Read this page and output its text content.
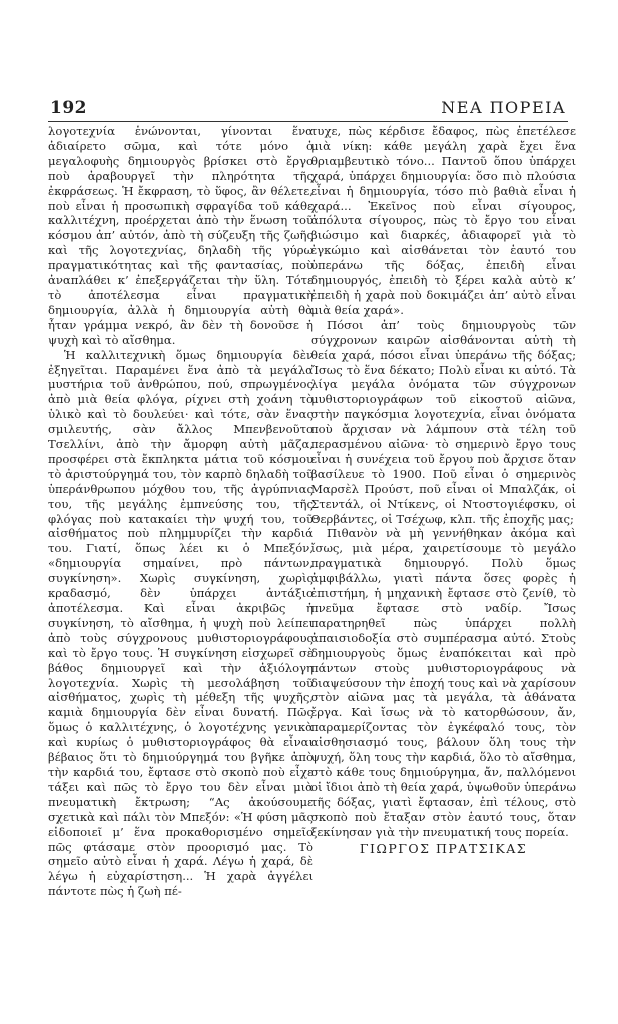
192	ΝΕΑ ΠΟΡΕΙΑ

λογοτεχνία ἑνώνονται, γίνονται ἕνα ἀδιαίρετο σῶμα, καὶ τότε μόνο ὁ μεγαλοφυὴς δημιουργὸς βρίσκει στὸ ἔργο ποὺ ἀραβουργεῖ τὴν πληρότητα τῆς ἐκφράσεως. Ἡ ἔκφραση, τὸ ὕφος, ἂν θέλετε, ποὺ εἶναι ἡ προσωπικὴ σφραγίδα τοῦ κάθε καλλιτέχνη, προέρχεται ἀπὸ τὴν ἕνωση τοῦ κόσμου ἀπ’ αὐτόν, ἀπὸ τὴ σύζευξη τῆς ζωῆς καὶ τῆς λογοτεχνίας, δηλαδὴ τῆς γύρω πραγματικότητας καὶ τῆς φαντασίας, ποὺ ἀναπλάθει κ’ ἐπεξεργάζεται τὴν ὕλη. Τότε τὸ ἀποτέλεσμα εἶναι πραγματικὴ δημιουργία, ἀλλὰ ἡ δημιουργία αὐτὴ θὰ ἦταν γράμμα νεκρό, ἂν δὲν τὴ δονοῦσε ἡ ψυχὴ καὶ τὸ αἴσθημα.

Ἡ καλλιτεχνικὴ ὅμως δημιουργία δὲν ἐξηγεῖται. Παραμένει ἕνα ἀπὸ τὰ μεγάλα μυστήρια τοῦ ἀνθρώπου, πού, σπρωγμένος ἀπὸ μιὰ θεία φλόγα, ρίχνει στὴ χοάνη τὸ ὑλικὸ καὶ τὸ δουλεύει· καὶ τότε, σὰν ἕνας σμιλευτής, σὰν ἄλλος Μπενβενοῦτο Τσελλίνι, ἀπὸ τὴν ἄμορφη αὐτὴ μᾶζα, προσφέρει στὰ ἔκπληκτα μάτια τοῦ κόσμου τὸ ἀριστούργημά του, τὸν καρπὸ δηλαδὴ τοῦ ὑπεράνθρωπου μόχθου του, τῆς ἀγρύπνιας του, τῆς μεγάλης ἐμπνεύσης του, τῆς φλόγας ποὺ κατακαίει τὴν ψυχή του, τοῦ αἰσθήματος ποὺ πλημμυρίζει τὴν καρδιά του. Γιατί, ὅπως λέει κι ὁ Μπεξόν, «δημιουργία σημαίνει, πρὸ πάντων, συγκίνηση». Χωρὶς συγκίνηση, χωρὶς κραδασμό, δὲν ὑπάρχει ἀντάξιο ἀποτέλεσμα. Καὶ εἶναι ἀκριβῶς ἡ συγκίνηση, τὸ αἴσθημα, ἡ ψυχὴ ποὺ λείπει ἀπὸ τοὺς σύγχρονους μυθιστοριογράφους καὶ τὸ ἔργο τους. Ἡ συγκίνηση εἰσχωρεῖ σὲ βάθος δημιουργεῖ καὶ τὴν ἀξιόλογη λογοτεχνία. Χωρὶς τὴ μεσολάβηση τοῦ αἰσθήματος, χωρὶς τὴ μέθεξη τῆς ψυχῆς, καμιὰ δημιουργία δὲν εἶναι δυνατή. Πῶς ὅμως ὁ καλλιτέχνης, ὁ λογοτέχνης γενικὰ καὶ κυρίως ὁ μυθιστοριογράφος θὰ εἶναι βέβαιος ὅτι τὸ δημιούργημά του βγῆκε ἀπὸ τὴν καρδιά του, ἔφτασε στὸ σκοπὸ ποὺ εἶχε τάξει καὶ πῶς τὸ ἔργο του δὲν εἶναι μιὰ πνευματικὴ ἔκτρωση; “Ας ἀκούσουμε σχετικὰ καὶ πάλι τὸν Μπεξόν: «Ἡ φύση μᾶς εἰδοποιεῖ μ’ ἕνα προκαθορισμένο σημεῖο πῶς φτάσαμε στὸν προορισμό μας. Τὸ σημεῖο αὐτὸ εἶναι ἡ χαρά. Λέγω ἡ χαρά, δὲ λέγω ἡ εὐχαρίστηση... Ἡ χαρὰ ἀγγέλει πάντοτε πὼς ἡ ζωὴ πέ-

τυχε, πὼς κέρδισε ἔδαφος, πὼς ἐπετέλεσε μιὰ νίκη: κάθε μεγάλη χαρὰ ἔχει ἕνα θριαμβευτικὸ τόνο... Παντοῦ ὅπου ὑπάρχει χαρά, ὑπάρχει δημιουργία: ὅσο πιὸ πλούσια εἶναι ἡ δημιουργία, τόσο πιὸ βαθιὰ εἶναι ἡ χαρά... Ἐκεῖνος ποὺ εἶναι σίγουρος, ἀπόλυτα σίγουρος, πὼς τὸ ἔργο του εἶναι βιώσιμο καὶ διαρκές, ἀδιαφορεῖ γιὰ τὸ ἐγκώμιο καὶ αἰσθάνεται τὸν ἑαυτό του ὑπεράνω τῆς δόξας, ἐπειδὴ εἶναι δημιουργός, ἐπειδὴ τὸ ξέρει καλὰ αὐτὸ κ’ ἐπειδὴ ἡ χαρὰ ποὺ δοκιμάζει ἀπ’ αὐτὸ εἶναι μιὰ θεία χαρά».

Πόσοι ἀπ’ τοὺς δημιουργοὺς τῶν σύγχρονων καιρῶν αἰσθάνονται αὐτὴ τὴ θεία χαρά, πόσοι εἶναι ὑπεράνω τῆς δόξας; Ἴσως τὸ ἕνα δέκατο; Πολὺ εἶναι κι αὐτό. Τὰ λίγα μεγάλα ὀνόματα τῶν σύγχρονων μυθιστοριογράφων τοῦ εἰκοστοῦ αἰῶνα, στὴν παγκόσμια λογοτεχνία, εἶναι ὀνόματα ποὺ ἄρχισαν νὰ λάμπουν στὰ τέλη τοῦ περασμένου αἰῶνα· τὸ σημερινὸ ἔργο τους εἶναι ἡ συνέχεια τοῦ ἔργου ποὺ ἄρχισε ὅταν βασίλευε τὸ 1900. Ποῦ εἶναι ὁ σημερινὸς Μαρσὲλ Προύστ, ποῦ εἶναι οἱ Μπαλζάκ, οἱ Στεντάλ, οἱ Ντίκενς, οἱ Ντοστογιέφσκυ, οἱ Θερβάντες, οἱ Τσέχωφ, κλπ. τῆς ἐποχῆς μας;

Πιθανὸν νὰ μὴ γεννήθηκαν ἀκόμα καὶ ἴσως, μιὰ μέρα, χαιρετίσουμε τὸ μεγάλο πραγματικὰ δημιουργό. Πολὺ ὅμως ἀμφιβάλλω, γιατὶ πάντα ὅσες φορὲς ἡ ἐπιστήμη, ἡ μηχανικὴ ἔφτασε στὸ ζενίθ, τὸ πνεῦμα ἔφτασε στὸ ναδίρ. Ἴσως παρατηρηθεῖ πὼς ὑπάρχει πολλὴ ἀπαισιοδοξία στὸ συμπέρασμα αὐτό. Στοὺς δημιουργοὺς ὅμως ἐναπόκειται καὶ πρὸ πάντων στοὺς μυθιστοριογράφους νὰ διαψεύσουν τὴν ἐποχή τους καὶ νὰ χαρίσουν στὸν αἰῶνα μας τὰ μεγάλα, τὰ ἀθάνατα ἔργα. Καὶ ἴσως νὰ τὸ κατορθώσουν, ἄν, παραμερίζοντας τὸν ἐγκέφαλό τους, τὸν αἰσθησιασμό τους, βάλουν ὅλη τους τὴν ψυχή, ὅλη τους τὴν καρδιά, ὅλο τὸ αἴσθημα, στὸ κάθε τους δημιούργημα, ἄν, παλλόμενοι οἱ ἴδιοι ἀπὸ τὴ θεία χαρά, ὑψωθοῦν ὑπεράνω τῆς δόξας, γιατὶ ἔφτασαν, ἐπὶ τέλους, στὸ σκοπὸ ποὺ ἔταξαν στὸν ἑαυτό τους, ὅταν ξεκίνησαν γιὰ τὴν πνευματική τους πορεία.

ΓΙΩΡΓΟΣ ΠΡΑΤΣΙΚΑΣ
